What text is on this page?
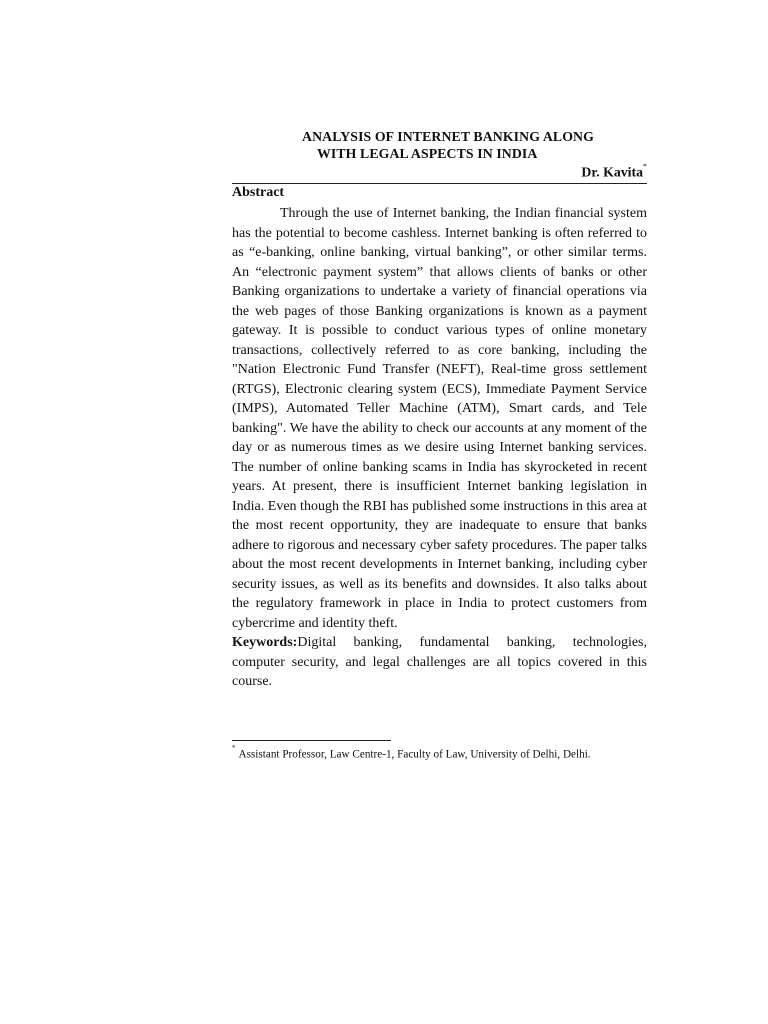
ANALYSIS OF INTERNET BANKING ALONG
WITH LEGAL ASPECTS IN INDIA
Dr. Kavita*
Abstract

Through the use of Internet banking, the Indian financial system has the potential to become cashless. Internet banking is often referred to as “e-banking, online banking, virtual banking”, or other similar terms. An “electronic payment system” that allows clients of banks or other Banking organizations to undertake a variety of financial operations via the web pages of those Banking organizations is known as a payment gateway. It is possible to conduct various types of online monetary transactions, collectively referred to as core banking, including the "Nation Electronic Fund Transfer (NEFT), Real-time gross settlement (RTGS), Electronic clearing system (ECS), Immediate Payment Service (IMPS), Automated Teller Machine (ATM), Smart cards, and Tele banking". We have the ability to check our accounts at any moment of the day or as numerous times as we desire using Internet banking services. The number of online banking scams in India has skyrocketed in recent years. At present, there is insufficient Internet banking legislation in India. Even though the RBI has published some instructions in this area at the most recent opportunity, they are inadequate to ensure that banks adhere to rigorous and necessary cyber safety procedures. The paper talks about the most recent developments in Internet banking, including cyber security issues, as well as its benefits and downsides. It also talks about the regulatory framework in place in India to protect customers from cybercrime and identity theft.

Keywords:Digital banking, fundamental banking, technologies, computer security, and legal challenges are all topics covered in this course.

*Assistant Professor, Law Centre-1, Faculty of Law, University of Delhi, Delhi.
